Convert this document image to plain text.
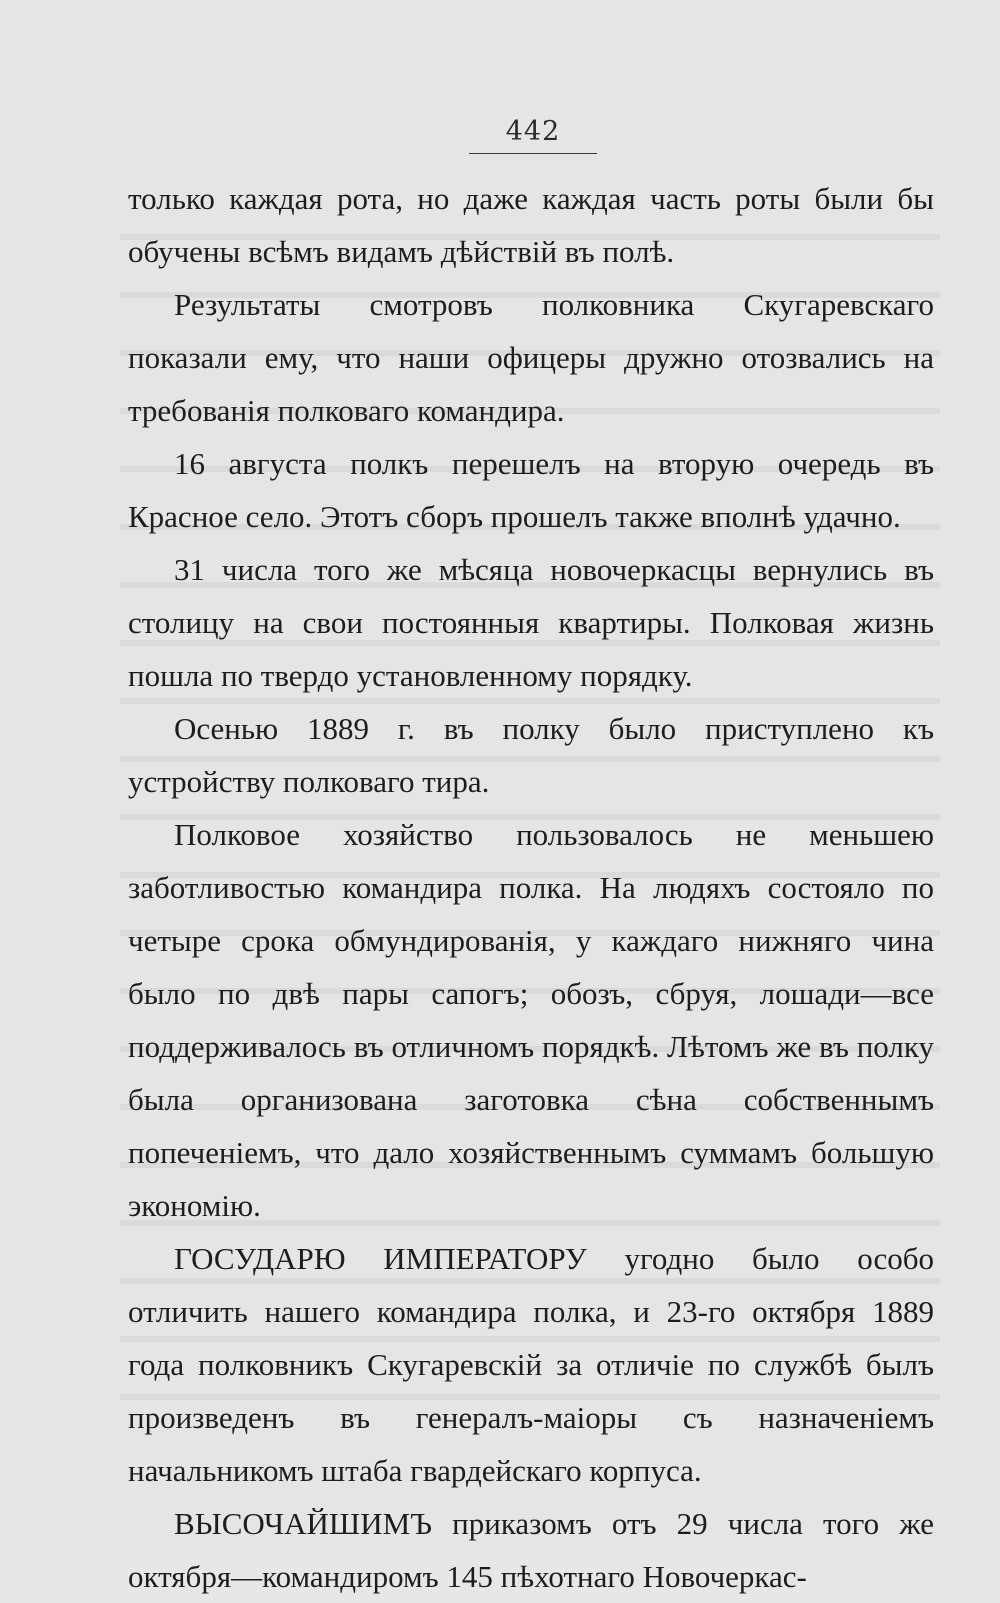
442

только каждая рота, но даже каждая часть роты были бы обучены всѣмъ видамъ дѣйствiй въ полѣ.

Результаты смотровъ полковника Скугаревскаго показали ему, что наши офицеры дружно отозвались на требованiя полковаго командира.

16 августа полкъ перешелъ на вторую очередь въ Красное село. Этотъ сборъ прошелъ также вполнѣ удачно.

31 числа того же мѣсяца новочеркасцы вернулись въ столицу на свои постоянныя квартиры. Полковая жизнь пошла по твердо установленному порядку.

Осенью 1889 г. въ полку было приступлено къ устройству полковаго тира.

Полковое хозяйство пользовалось не меньшею заботливостью командира полка. На людяхъ состояло по четыре срока обмундированiя, у каждаго нижняго чина было по двѣ пары сапогъ; обозъ, сбруя, лошади—все поддерживалось въ отличномъ порядкѣ. Лѣтомъ же въ полку была организована заготовка сѣна собственнымъ попеченiемъ, что дало хозяйственнымъ суммамъ большую экономiю.

ГОСУДАРЮ ИМПЕРАТОРУ угодно было особо отличить нашего командира полка, и 23-го октября 1889 года полковникъ Скугаревскiй за отличiе по службѣ былъ произведенъ въ генералъ-маiоры съ назначенiемъ начальникомъ штаба гвардейскаго корпуса.

ВЫСОЧАЙШИМЪ приказомъ отъ 29 числа того же октября—командиромъ 145 пѣхотнаго Новочеркас-
